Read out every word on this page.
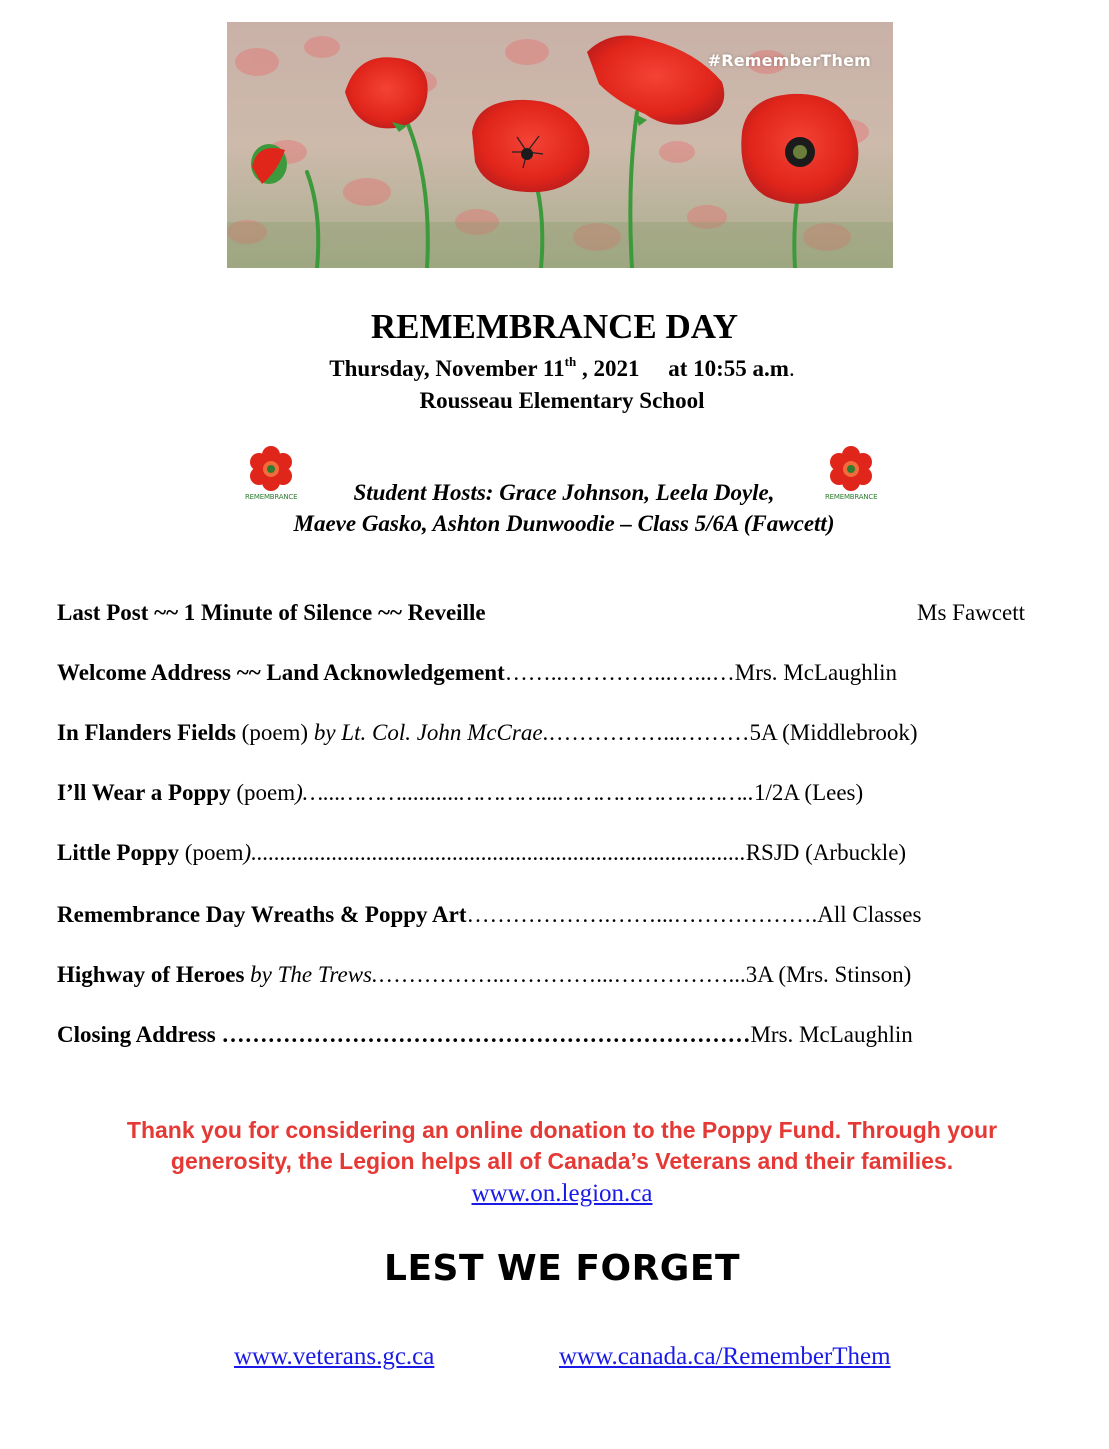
#RememberThem
REMEMBRANCE DAY
Thursday, November 11th , 2021     at 10:55 a.m.
Rousseau Elementary School
REMEMBRANCE	REMEMBRANCE
Student Hosts: Grace Johnson, Leela Doyle,
Maeve Gasko, Ashton Dunwoodie – Class 5/6A (Fawcett)
Last Post ~~ 1 Minute of Silence ~~ Reveille	Ms Fawcett
Welcome Address ~~ Land Acknowledgement……..…………...…...…Mrs. McLaughlin
In Flanders Fields (poem) by Lt. Col. John McCrae.……………...………5A (Middlebrook)
I’ll Wear a Poppy (poem)…...………..........…………...………………………..1/2A (Lees)
Little Poppy (poem)......................................................................................RSJD (Arbuckle)
Remembrance Day Wreaths & Poppy Art……………….……...……………….All Classes
Highway of Heroes by The Trews.……………..…………...……………...3A (Mrs. Stinson)
Closing Address ……………………………………………………………Mrs. McLaughlin
Thank you for considering an online donation to the Poppy Fund. Through your
generosity, the Legion helps all of Canada’s Veterans and their families.
www.on.legion.ca
LEST WE FORGET
www.veterans.gc.ca	www.canada.ca/RememberThem
